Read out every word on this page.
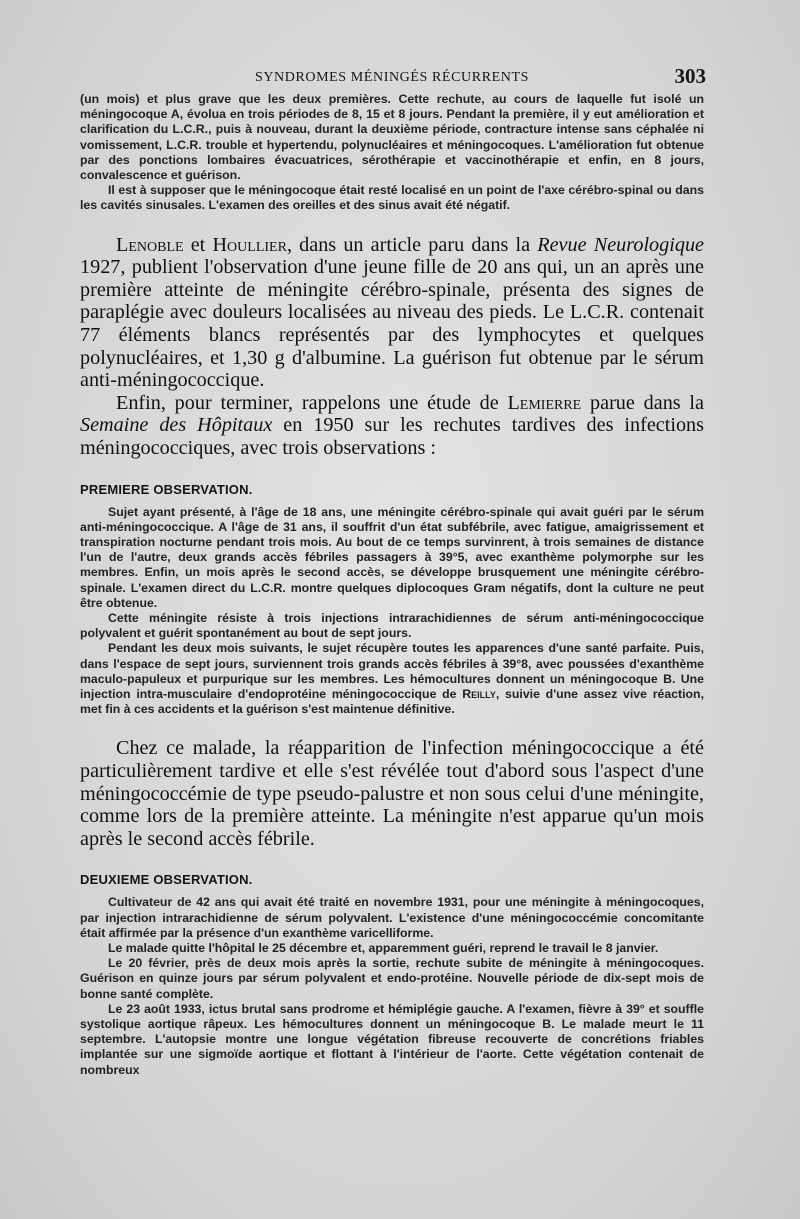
SYNDROMES MÉNINGÉS RÉCURRENTS	303

(un mois) et plus grave que les deux premières. Cette rechute, au cours de laquelle fut isolé un méningocoque A, évolua en trois périodes de 8, 15 et 8 jours. Pendant la première, il y eut amélioration et clarification du L.C.R., puis à nouveau, durant la deuxième période, contracture intense sans céphalée ni vomissement, L.C.R. trouble et hypertendu, polynucléaires et méningocoques. L'amélioration fut obtenue par des ponctions lombaires évacuatrices, sérothérapie et vaccinothérapie et enfin, en 8 jours, convalescence et guérison.

Il est à supposer que le méningocoque était resté localisé en un point de l'axe cérébro-spinal ou dans les cavités sinusales. L'examen des oreilles et des sinus avait été négatif.

Lenoble et Houllier, dans un article paru dans la Revue Neurologique 1927, publient l'observation d'une jeune fille de 20 ans qui, un an après une première atteinte de méningite cérébro-spinale, présenta des signes de paraplégie avec douleurs localisées au niveau des pieds. Le L.C.R. contenait 77 éléments blancs représentés par des lymphocytes et quelques polynucléaires, et 1,30 g d'albumine. La guérison fut obtenue par le sérum anti-méningococcique.

Enfin, pour terminer, rappelons une étude de Lemierre parue dans la Semaine des Hôpitaux en 1950 sur les rechutes tardives des infections méningococciques, avec trois observations :

PREMIERE OBSERVATION.

Sujet ayant présenté, à l'âge de 18 ans, une méningite cérébro-spinale qui avait guéri par le sérum anti-méningococcique. A l'âge de 31 ans, il souffrit d'un état subfébrile, avec fatigue, amaigrissement et transpiration nocturne pendant trois mois. Au bout de ce temps survinrent, à trois semaines de distance l'un de l'autre, deux grands accès fébriles passagers à 39°5, avec exanthème polymorphe sur les membres. Enfin, un mois après le second accès, se développe brusquement une méningite cérébro-spinale. L'examen direct du L.C.R. montre quelques diplocoques Gram négatifs, dont la culture ne peut être obtenue.

Cette méningite résiste à trois injections intrarachidiennes de sérum anti-méningococcique polyvalent et guérit spontanément au bout de sept jours.

Pendant les deux mois suivants, le sujet récupère toutes les apparences d'une santé parfaite. Puis, dans l'espace de sept jours, surviennent trois grands accès fébriles à 39°8, avec poussées d'exanthème maculo-papuleux et purpurique sur les membres. Les hémocultures donnent un méningocoque B. Une injection intra-musculaire d'endoprotéine méningococcique de Reilly, suivie d'une assez vive réaction, met fin à ces accidents et la guérison s'est maintenue définitive.

Chez ce malade, la réapparition de l'infection méningococcique a été particulièrement tardive et elle s'est révélée tout d'abord sous l'aspect d'une méningococcémie de type pseudo-palustre et non sous celui d'une méningite, comme lors de la première atteinte. La méningite n'est apparue qu'un mois après le second accès fébrile.

DEUXIEME OBSERVATION.

Cultivateur de 42 ans qui avait été traité en novembre 1931, pour une méningite à méningocoques, par injection intrarachidienne de sérum polyvalent. L'existence d'une méningococcémie concomitante était affirmée par la présence d'un exanthème varicelliforme.

Le malade quitte l'hôpital le 25 décembre et, apparemment guéri, reprend le travail le 8 janvier.

Le 20 février, près de deux mois après la sortie, rechute subite de méningite à méningocoques. Guérison en quinze jours par sérum polyvalent et endo-protéine. Nouvelle période de dix-sept mois de bonne santé complète.

Le 23 août 1933, ictus brutal sans prodrome et hémiplégie gauche. A l'examen, fièvre à 39° et souffle systolique aortique râpeux. Les hémocultures donnent un méningocoque B. Le malade meurt le 11 septembre. L'autopsie montre une longue végétation fibreuse recouverte de concrétions friables implantée sur une sigmoïde aortique et flottant à l'intérieur de l'aorte. Cette végétation contenait de nombreux
